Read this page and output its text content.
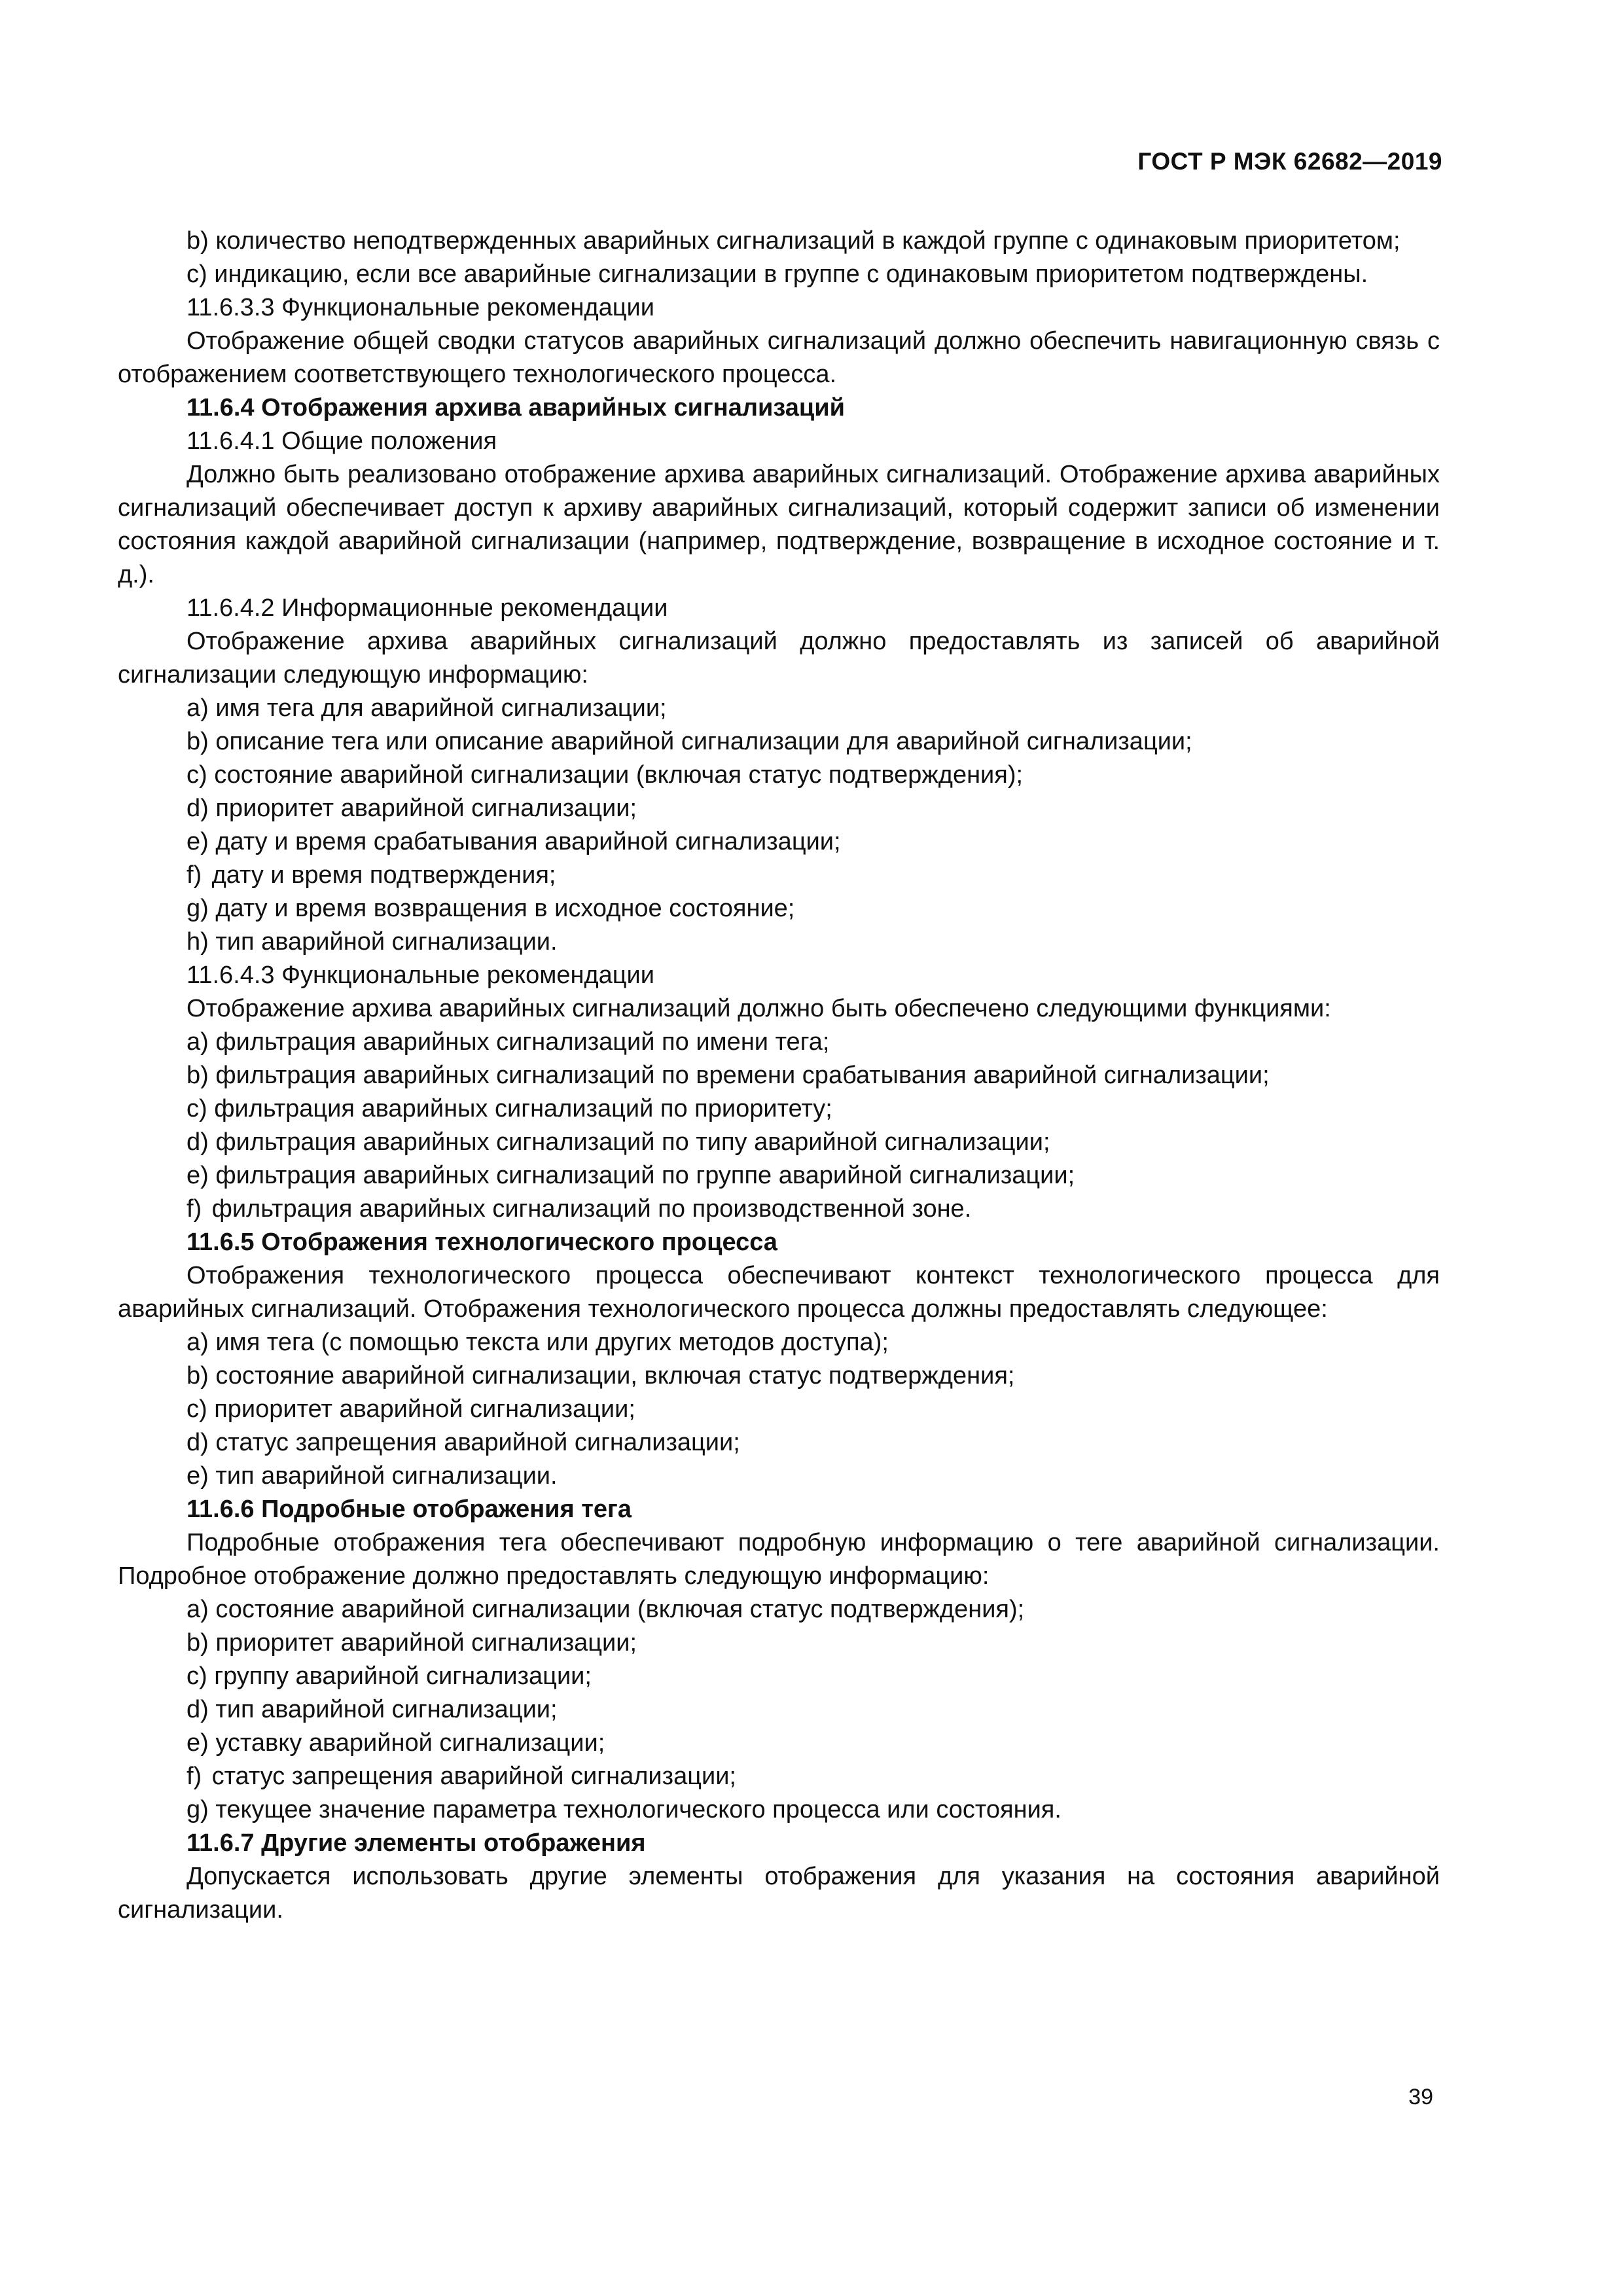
ГОСТ Р МЭК 62682—2019
b) количество неподтвержденных аварийных сигнализаций в каждой группе с одинаковым приоритетом;
с) индикацию, если все аварийные сигнализации в группе с одинаковым приоритетом подтверждены.
11.6.3.3 Функциональные рекомендации
Отображение общей сводки статусов аварийных сигнализаций должно обеспечить навигационную связь с отображением соответствующего технологического процесса.
11.6.4 Отображения архива аварийных сигнализаций
11.6.4.1 Общие положения
Должно быть реализовано отображение архива аварийных сигнализаций. Отображение архива аварийных сигнализаций обеспечивает доступ к архиву аварийных сигнализаций, который содержит записи об изменении состояния каждой аварийной сигнализации (например, подтверждение, возвращение в исходное состояние и т. д.).
11.6.4.2 Информационные рекомендации
Отображение архива аварийных сигнализаций должно предоставлять из записей об аварийной сигнализации следующую информацию:
а) имя тега для аварийной сигнализации;
b) описание тега или описание аварийной сигнализации для аварийной сигнализации;
с) состояние аварийной сигнализации (включая статус подтверждения);
d) приоритет аварийной сигнализации;
е) дату и время срабатывания аварийной сигнализации;
f) дату и время подтверждения;
g) дату и время возвращения в исходное состояние;
h) тип аварийной сигнализации.
11.6.4.3 Функциональные рекомендации
Отображение архива аварийных сигнализаций должно быть обеспечено следующими функциями:
а) фильтрация аварийных сигнализаций по имени тега;
b) фильтрация аварийных сигнализаций по времени срабатывания аварийной сигнализации;
с) фильтрация аварийных сигнализаций по приоритету;
d) фильтрация аварийных сигнализаций по типу аварийной сигнализации;
е) фильтрация аварийных сигнализаций по группе аварийной сигнализации;
f) фильтрация аварийных сигнализаций по производственной зоне.
11.6.5 Отображения технологического процесса
Отображения технологического процесса обеспечивают контекст технологического процесса для аварийных сигнализаций. Отображения технологического процесса должны предоставлять следующее:
а) имя тега (с помощью текста или других методов доступа);
b) состояние аварийной сигнализации, включая статус подтверждения;
с) приоритет аварийной сигнализации;
d) статус запрещения аварийной сигнализации;
е) тип аварийной сигнализации.
11.6.6 Подробные отображения тега
Подробные отображения тега обеспечивают подробную информацию о теге аварийной сигнализации. Подробное отображение должно предоставлять следующую информацию:
а) состояние аварийной сигнализации (включая статус подтверждения);
b) приоритет аварийной сигнализации;
с) группу аварийной сигнализации;
d) тип аварийной сигнализации;
е) уставку аварийной сигнализации;
f) статус запрещения аварийной сигнализации;
g) текущее значение параметра технологического процесса или состояния.
11.6.7 Другие элементы отображения
Допускается использовать другие элементы отображения для указания на состояния аварийной сигнализации.
39
